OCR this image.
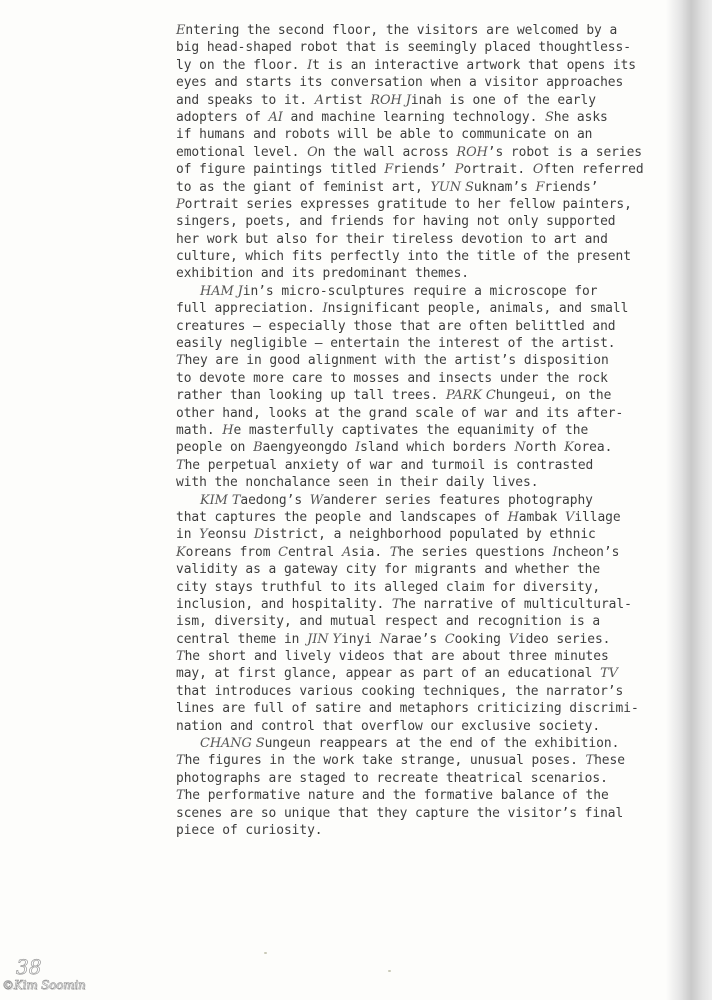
Entering the second floor, the visitors are welcomed by a
big head-shaped robot that is seemingly placed thoughtless-
ly on the floor. It is an interactive artwork that opens its
eyes and starts its conversation when a visitor approaches
and speaks to it. Artist ROH Jinah is one of the early
adopters of AI and machine learning technology. She asks
if humans and robots will be able to communicate on an
emotional level. On the wall across ROH’s robot is a series
of figure paintings titled Friends’ Portrait. Often referred
to as the giant of feminist art, YUN Suknam’s Friends’
Portrait series expresses gratitude to her fellow painters,
singers, poets, and friends for having not only supported
her work but also for their tireless devotion to art and
culture, which fits perfectly into the title of the present
exhibition and its predominant themes.
HAM Jin’s micro-sculptures require a microscope for
full appreciation. Insignificant people, animals, and small
creatures – especially those that are often belittled and
easily negligible – entertain the interest of the artist.
They are in good alignment with the artist’s disposition
to devote more care to mosses and insects under the rock
rather than looking up tall trees. PARK Chungeui, on the
other hand, looks at the grand scale of war and its after-
math. He masterfully captivates the equanimity of the
people on Baengyeongdo Island which borders North Korea.
The perpetual anxiety of war and turmoil is contrasted
with the nonchalance seen in their daily lives.
KIM Taedong’s Wanderer series features photography
that captures the people and landscapes of Hambak Village
in Yeonsu District, a neighborhood populated by ethnic
Koreans from Central Asia. The series questions Incheon’s
validity as a gateway city for migrants and whether the
city stays truthful to its alleged claim for diversity,
inclusion, and hospitality. The narrative of multicultural-
ism, diversity, and mutual respect and recognition is a
central theme in JIN Yinyi Narae’s Cooking Video series.
The short and lively videos that are about three minutes
may, at first glance, appear as part of an educational TV
that introduces various cooking techniques, the narrator’s
lines are full of satire and metaphors criticizing discrimi-
nation and control that overflow our exclusive society.
CHANG Sungeun reappears at the end of the exhibition.
The figures in the work take strange, unusual poses. These
photographs are staged to recreate theatrical scenarios.
The performative nature and the formative balance of the
scenes are so unique that they capture the visitor’s final
piece of curiosity.
38
©Kim Soomin
